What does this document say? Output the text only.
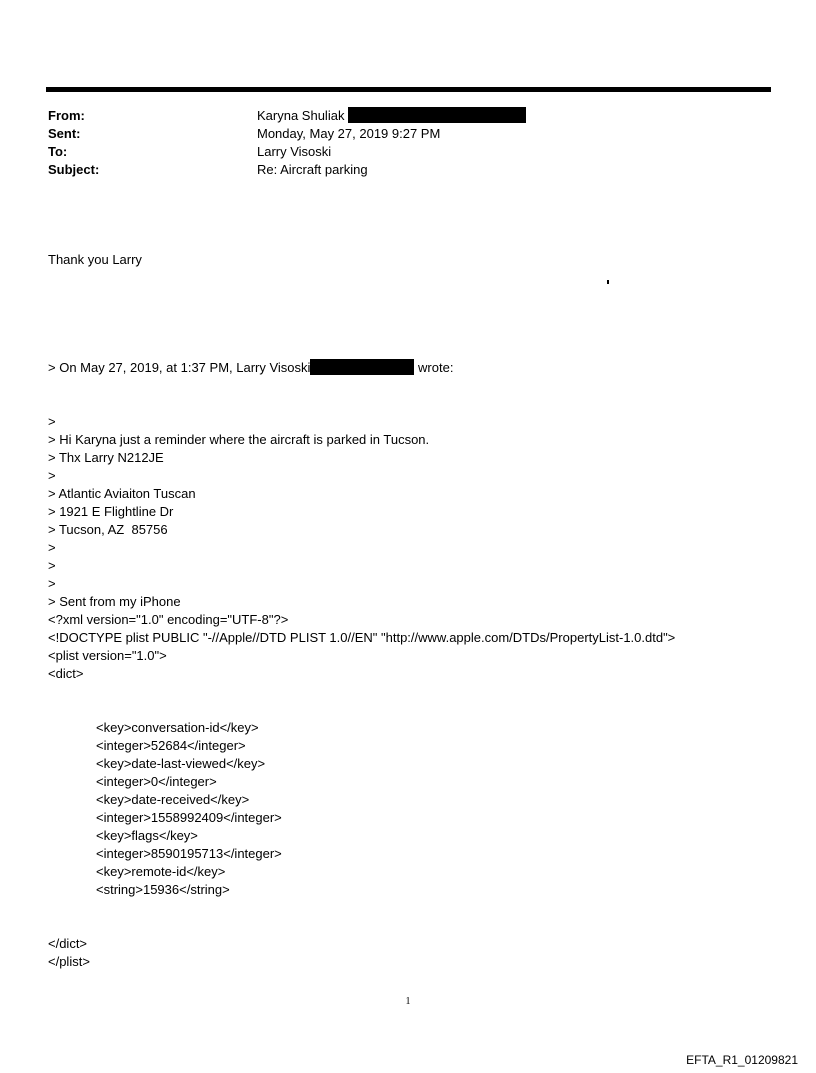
From:	Karyna Shuliak
Sent:	Monday, May 27, 2019 9:27 PM
To:	Larry Visoski
Subject:	Re: Aircraft parking

Thank you Larry

> On May 27, 2019, at 1:37 PM, Larry Visoski	wrote:

>
> Hi Karyna just a reminder where the aircraft is parked in Tucson.
> Thx Larry N212JE
>
> Atlantic Aviaiton Tuscan
> 1921 E Flightline Dr
> Tucson, AZ  85756
>
>
>
> Sent from my iPhone
<?xml version="1.0" encoding="UTF-8"?>
<!DOCTYPE plist PUBLIC "-//Apple//DTD PLIST 1.0//EN" "http://www.apple.com/DTDs/PropertyList-1.0.dtd">
<plist version="1.0">
<dict>

<key>conversation-id</key>
<integer>52684</integer>
<key>date-last-viewed</key>
<integer>0</integer>
<key>date-received</key>
<integer>1558992409</integer>
<key>flags</key>
<integer>8590195713</integer>
<key>remote-id</key>
<string>15936</string>

</dict>
</plist>

1
EFTA_R1_01209821
